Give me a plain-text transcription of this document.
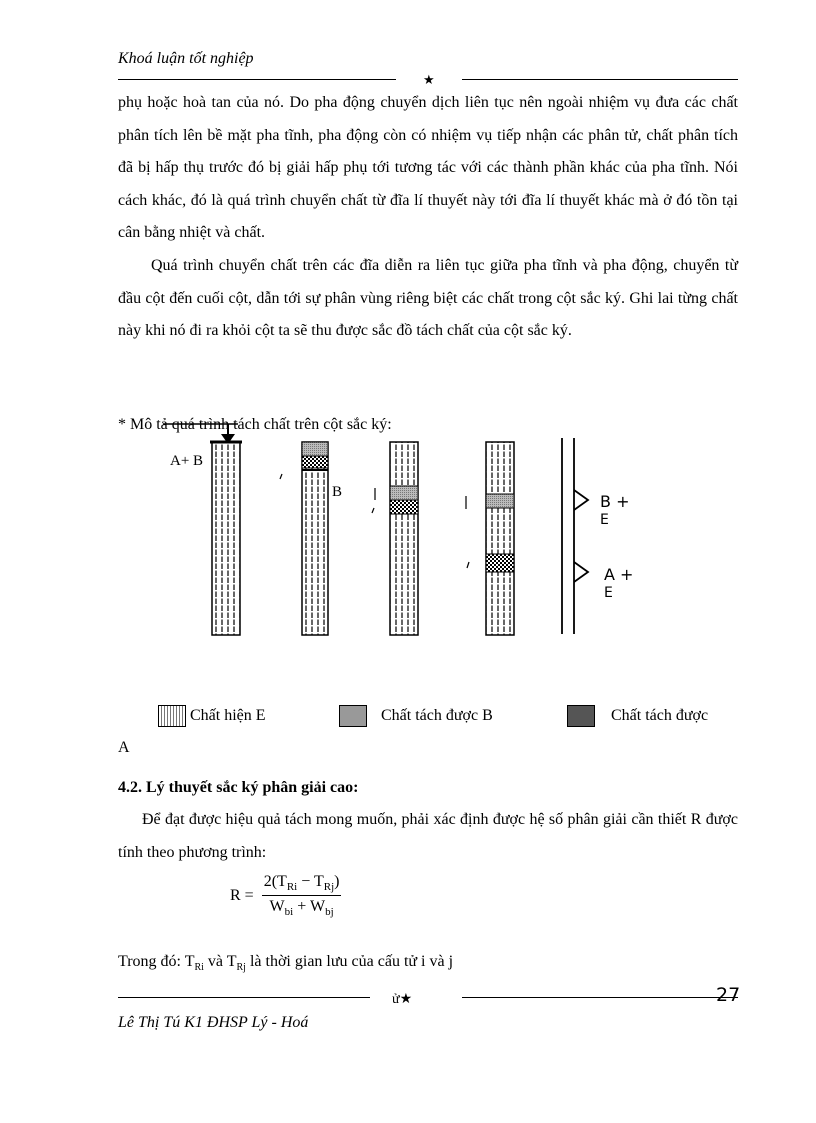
Khoá luận tốt nghiệp
★

phụ hoặc hoà tan của nó. Do pha động chuyển dịch liên tục nên ngoài nhiệm vụ đưa các chất phân tích lên bề mặt pha tĩnh, pha động còn có nhiệm vụ tiếp nhận các phân tử, chất phân tích đã bị hấp thụ trước đó bị giải hấp phụ tới tương tác với các thành phần khác của pha tĩnh. Nói cách khác, đó là quá trình chuyển chất từ đĩa lí thuyết này tới đĩa lí thuyết khác mà ở đó tồn tại cân bằng nhiệt và chất.

Quá trình chuyển chất trên các đĩa diễn ra liên tục giữa pha tĩnh và pha động, chuyển từ đầu cột đến cuối cột, dẫn tới sự phân vùng riêng biệt các chất trong cột sắc ký. Ghi lai từng chất này khi nó đi ra khỏi cột ta sẽ thu được sắc đồ tách chất của cột sắc ký.

* Mô tả quá trình tách chất trên cột sắc ký:
A+ B
B	B +
E
A +
E
Chất hiện E	Chất tách được B	Chất tách được
A
4.2. Lý thuyết sắc ký phân giải cao:

Để đạt được hiệu quả tách mong muốn, phải xác định được hệ số phân giải cần thiết R được tính theo phương trình:

$R = \frac{2(T_{Ri} - T_{Rj})}{W_{bi} + W_{bj}}$
Trong đó: $T_{Ri}$ và $T_{Rj}$ là thời gian lưu của cấu tử i và j
ử★	27
Lê Thị Tú K1 ĐHSP Lý - Hoá
